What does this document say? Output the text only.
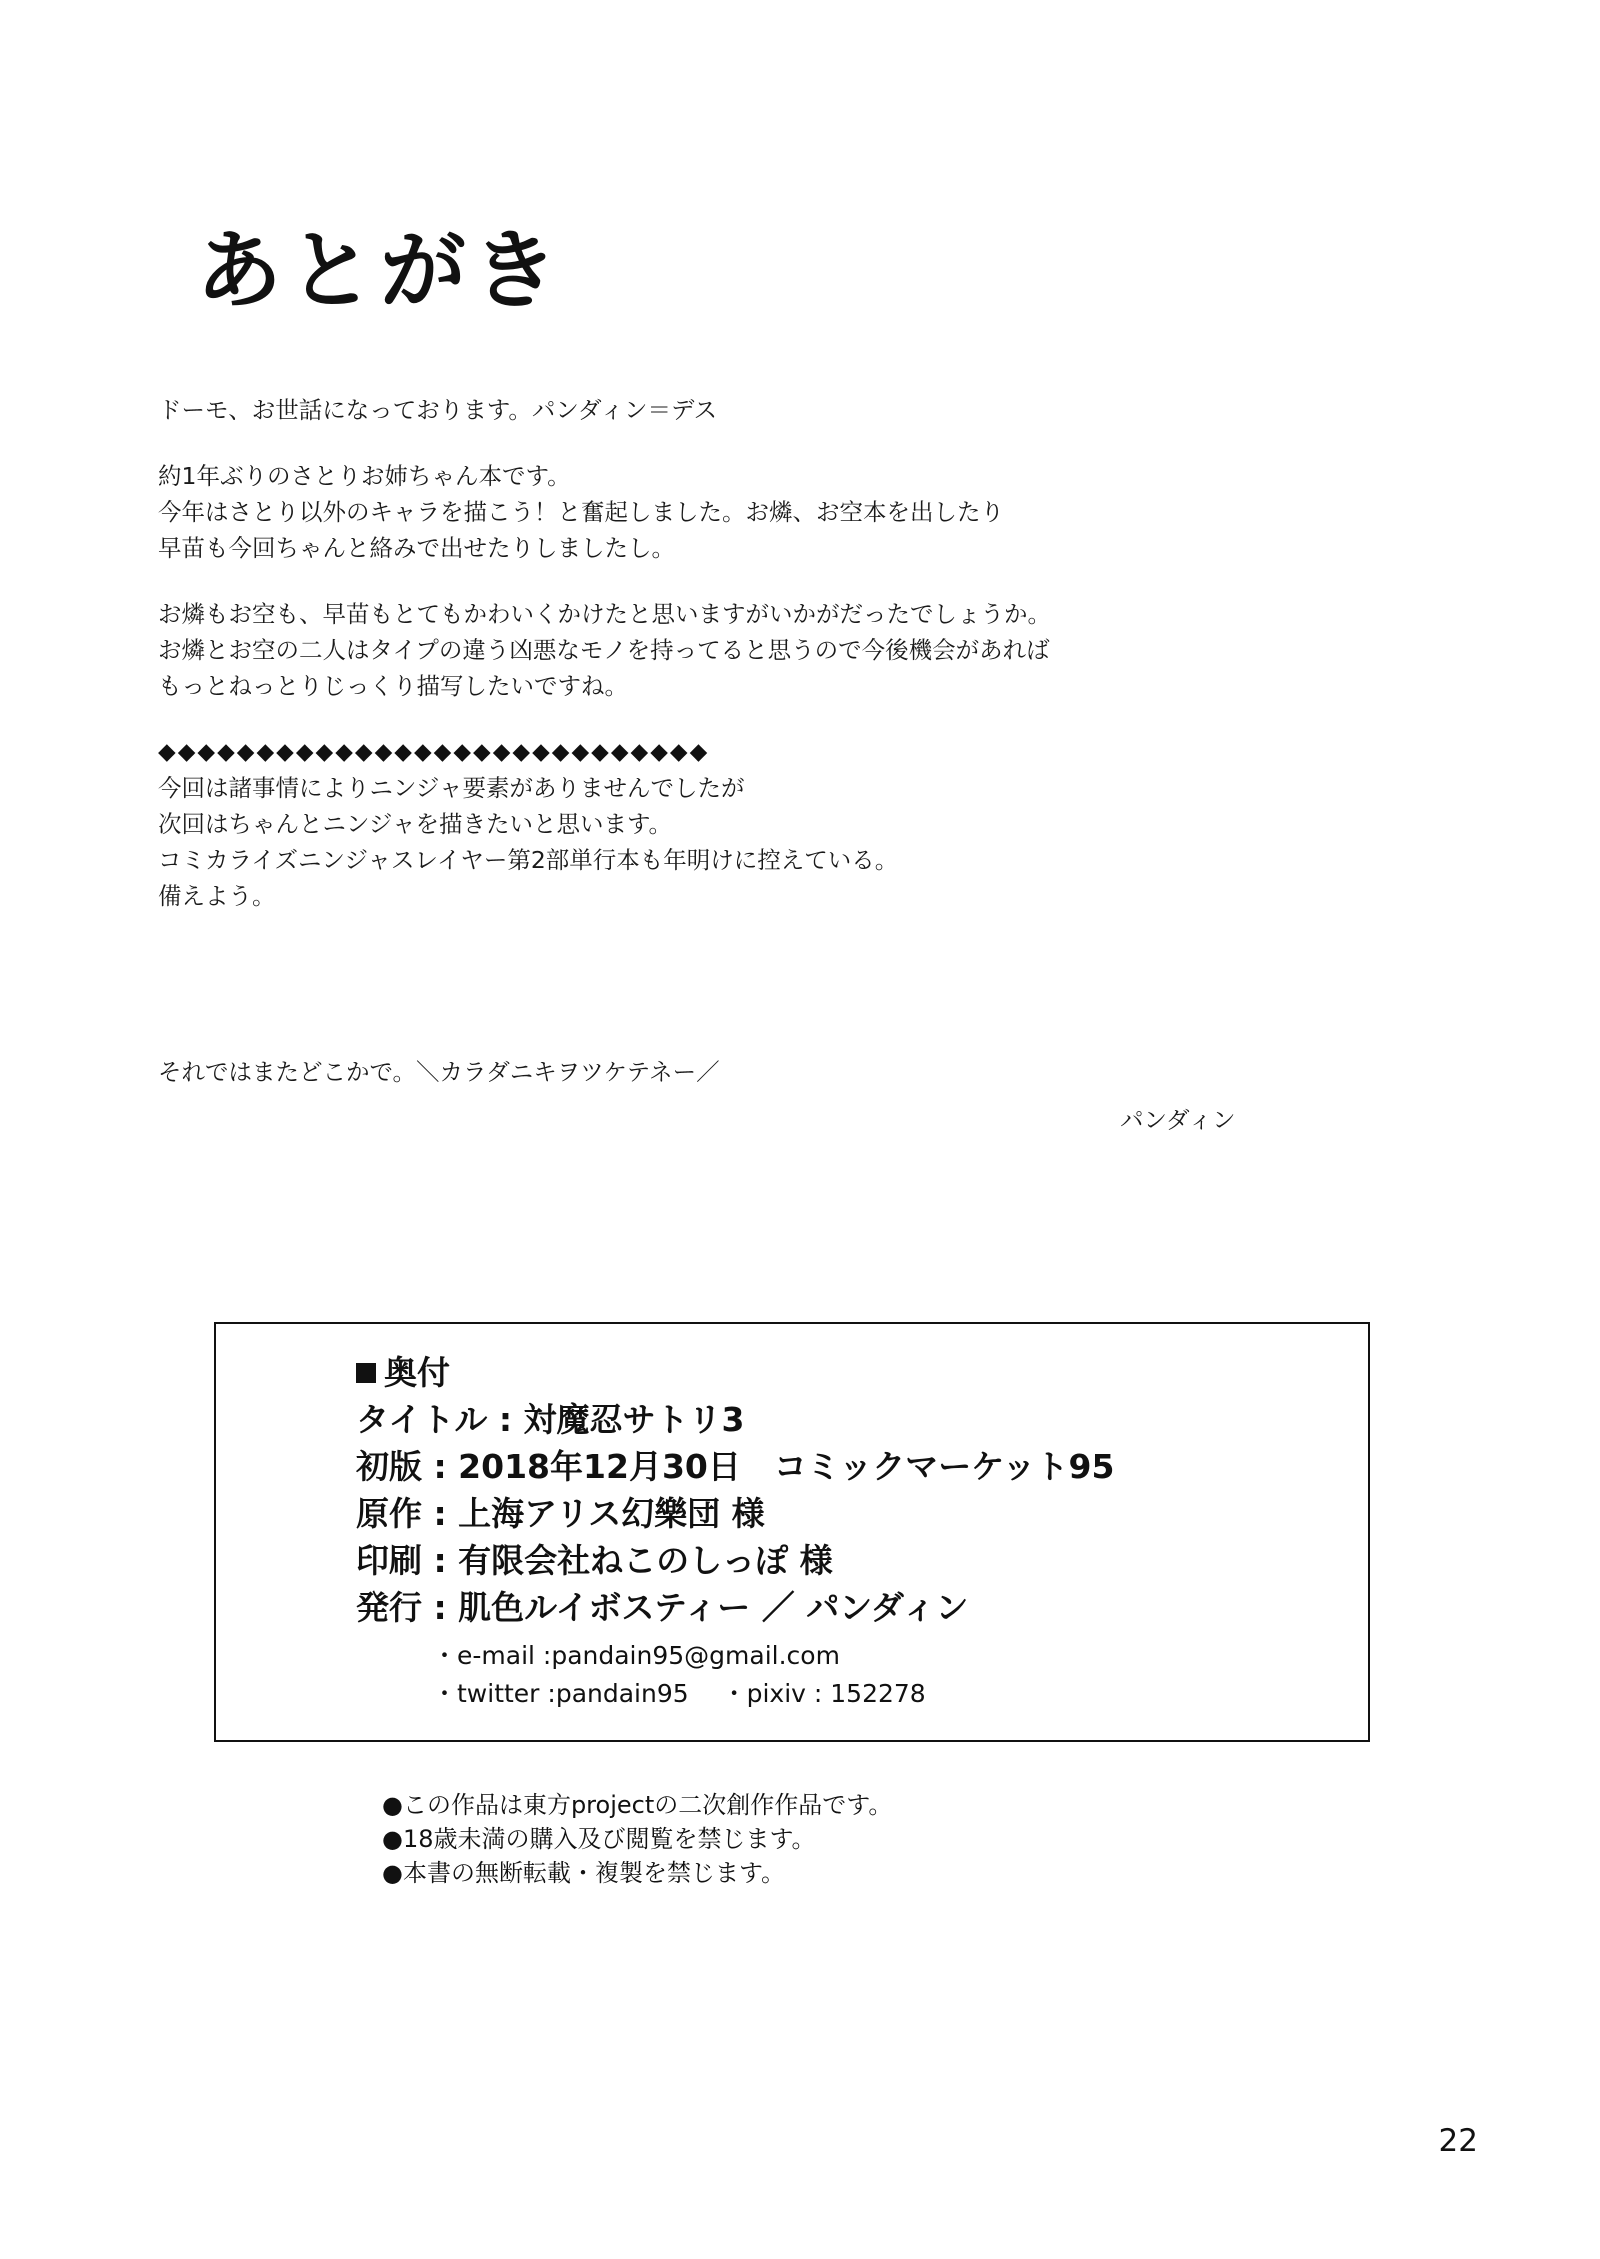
あとがき
ドーモ、お世話になっております。パンダィン＝デス
約1年ぶりのさとりお姉ちゃん本です。
今年はさとり以外のキャラを描こう！と奮起しました。お燐、お空本を出したり
早苗も今回ちゃんと絡みで出せたりしましたし。
お燐もお空も、早苗もとてもかわいくかけたと思いますがいかがだったでしょうか。
お燐とお空の二人はタイプの違う凶悪なモノを持ってると思うので今後機会があれば
もっとねっとりじっくり描写したいですね。
◆◆◆◆◆◆◆◆◆◆◆◆◆◆◆◆◆◆◆◆◆◆◆◆◆◆◆◆
今回は諸事情によりニンジャ要素がありませんでしたが
次回はちゃんとニンジャを描きたいと思います。
コミカライズニンジャスレイヤー第2部単行本も年明けに控えている。
備えよう。
それではまたどこかで。＼カラダニキヲツケテネー／
パンダィン
奥付
タイトル : 対魔忍サトリ3
初版 : 2018年12月30日　コミックマーケット95
原作 : 上海アリス幻樂団 様
印刷 : 有限会社ねこのしっぽ 様
発行 : 肌色ルイボスティー ／ パンダィン
・e-mail :pandain95@gmail.com
・twitter :pandain95 　・pixiv : 152278
●この作品は東方projectの二次創作作品です。
●18歳未満の購入及び閲覧を禁じます。
●本書の無断転載・複製を禁じます。
22
